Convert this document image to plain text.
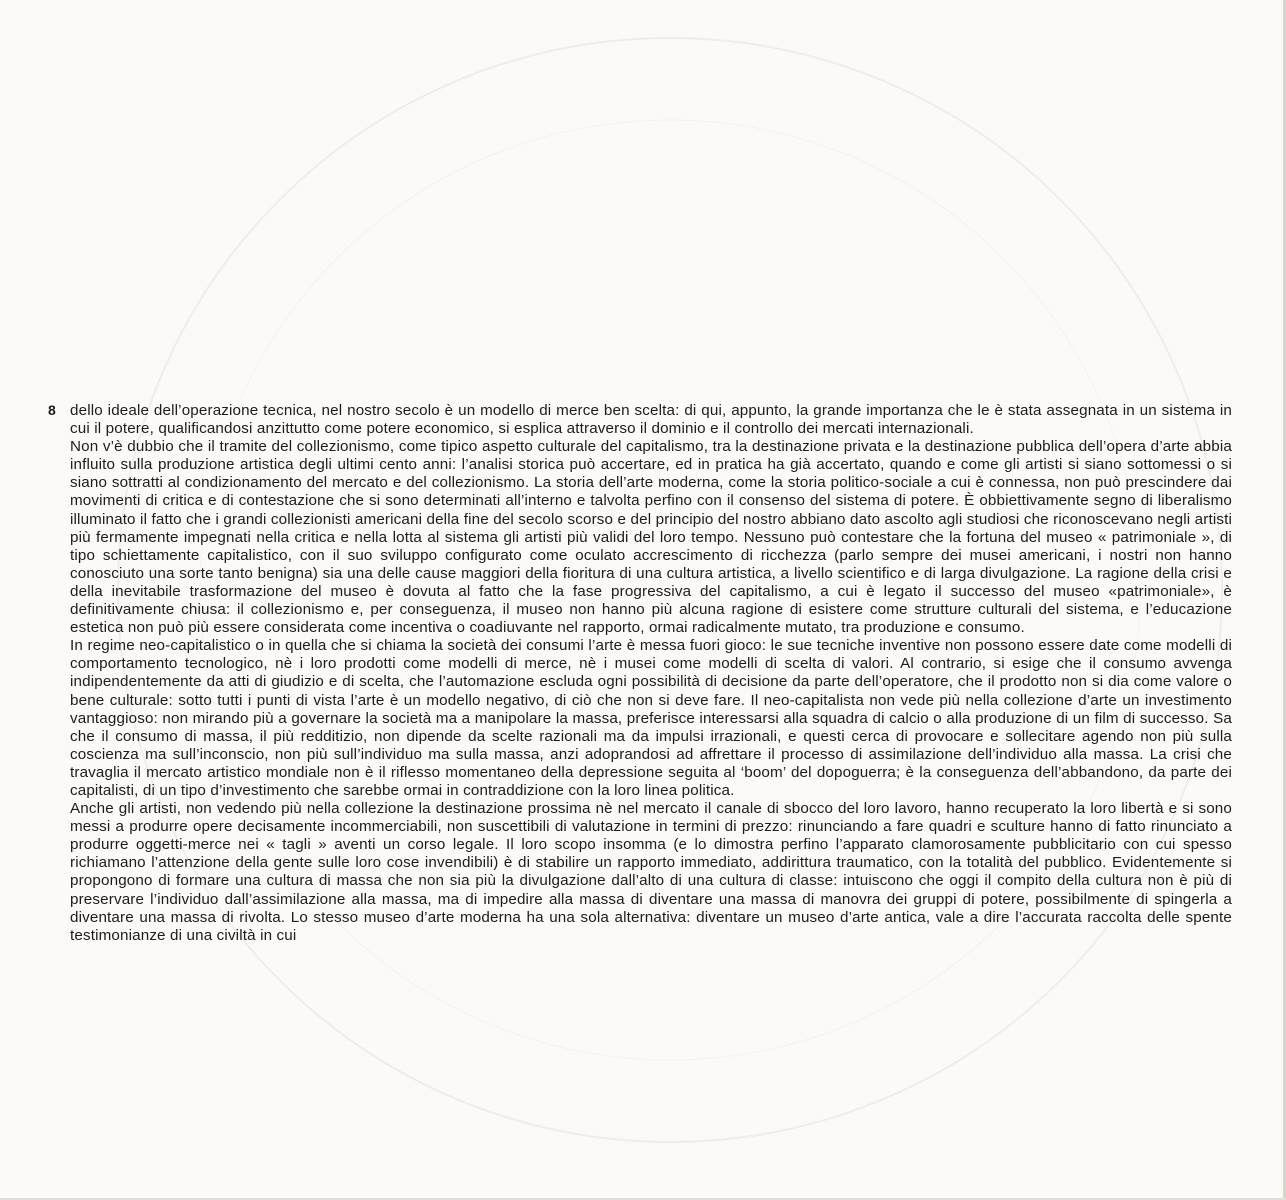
8 dello ideale dell’operazione tecnica, nel nostro secolo è un modello di merce ben scelta: di qui, appunto, la grande importanza che le è stata assegnata in un sistema in cui il potere, qualificandosi anzittutto come potere economico, si esplica attraverso il dominio e il controllo dei mercati internazionali.

Non v’è dubbio che il tramite del collezionismo, come tipico aspetto culturale del capitalismo, tra la destinazione privata e la destinazione pubblica dell’opera d’arte abbia influito sulla produzione artistica degli ultimi cento anni: l’analisi storica può accertare, ed in pratica ha già accertato, quando e come gli artisti si siano sottomessi o si siano sottratti al condizionamento del mercato e del collezionismo. La storia dell’arte moderna, come la storia politico-sociale a cui è connessa, non può prescindere dai movimenti di critica e di contestazione che si sono determinati all’interno e talvolta perfino con il consenso del sistema di potere. È obbiettivamente segno di liberalismo illuminato il fatto che i grandi collezionisti americani della fine del secolo scorso e del principio del nostro abbiano dato ascolto agli studiosi che riconoscevano negli artisti più fermamente impegnati nella critica e nella lotta al sistema gli artisti più validi del loro tempo. Nessuno può contestare che la fortuna del museo « patrimoniale », di tipo schiettamente capitalistico, con il suo sviluppo configurato come oculato accrescimento di ricchezza (parlo sempre dei musei americani, i nostri non hanno conosciuto una sorte tanto benigna) sia una delle cause maggiori della fioritura di una cultura artistica, a livello scientifico e di larga divulgazione. La ragione della crisi e della inevitabile trasformazione del museo è dovuta al fatto che la fase progressiva del capitalismo, a cui è legato il successo del museo «patrimoniale», è definitivamente chiusa: il collezionismo e, per conseguenza, il museo non hanno più alcuna ragione di esistere come strutture culturali del sistema, e l’educazione estetica non può più essere considerata come incentiva o coadiuvante nel rapporto, ormai radicalmente mutato, tra produzione e consumo.

In regime neo-capitalistico o in quella che si chiama la società dei consumi l’arte è messa fuori gioco: le sue tecniche inventive non possono essere date come modelli di comportamento tecnologico, nè i loro prodotti come modelli di merce, nè i musei come modelli di scelta di valori. Al contrario, si esige che il consumo avvenga indipendentemente da atti di giudizio e di scelta, che l’automazione escluda ogni possibilità di decisione da parte dell’operatore, che il prodotto non si dia come valore o bene culturale: sotto tutti i punti di vista l’arte è un modello negativo, di ciò che non si deve fare. Il neo-capitalista non vede più nella collezione d’arte un investimento vantaggioso: non mirando più a governare la società ma a manipolare la massa, preferisce interessarsi alla squadra di calcio o alla produzione di un film di successo. Sa che il consumo di massa, il più redditizio, non dipende da scelte razionali ma da impulsi irrazionali, e questi cerca di provocare e sollecitare agendo non più sulla coscienza ma sull’inconscio, non più sull’individuo ma sulla massa, anzi adoprandosi ad affrettare il processo di assimilazione dell’individuo alla massa. La crisi che travaglia il mercato artistico mondiale non è il riflesso momentaneo della depressione seguita al ‘boom’ del dopoguerra; è la conseguenza dell’abbandono, da parte dei capitalisti, di un tipo d’investimento che sarebbe ormai in contraddizione con la loro linea politica.

Anche gli artisti, non vedendo più nella collezione la destinazione prossima nè nel mercato il canale di sbocco del loro lavoro, hanno recuperato la loro libertà e si sono messi a produrre opere decisamente incommerciabili, non suscettibili di valutazione in termini di prezzo: rinunciando a fare quadri e sculture hanno di fatto rinunciato a produrre oggetti-merce nei « tagli » aventi un corso legale. Il loro scopo insomma (e lo dimostra perfino l’apparato clamorosamente pubblicitario con cui spesso richiamano l’attenzione della gente sulle loro cose invendibili) è di stabilire un rapporto immediato, addirittura traumatico, con la totalità del pubblico. Evidentemente si propongono di formare una cultura di massa che non sia più la divulgazione dall’alto di una cultura di classe: intuiscono che oggi il compito della cultura non è più di preservare l’individuo dall’assimilazione alla massa, ma di impedire alla massa di diventare una massa di manovra dei gruppi di potere, possibilmente di spingerla a diventare una massa di rivolta. Lo stesso museo d’arte moderna ha una sola alternativa: diventare un museo d’arte antica, vale a dire l’accurata raccolta delle spente testimonianze di una civiltà in cui
